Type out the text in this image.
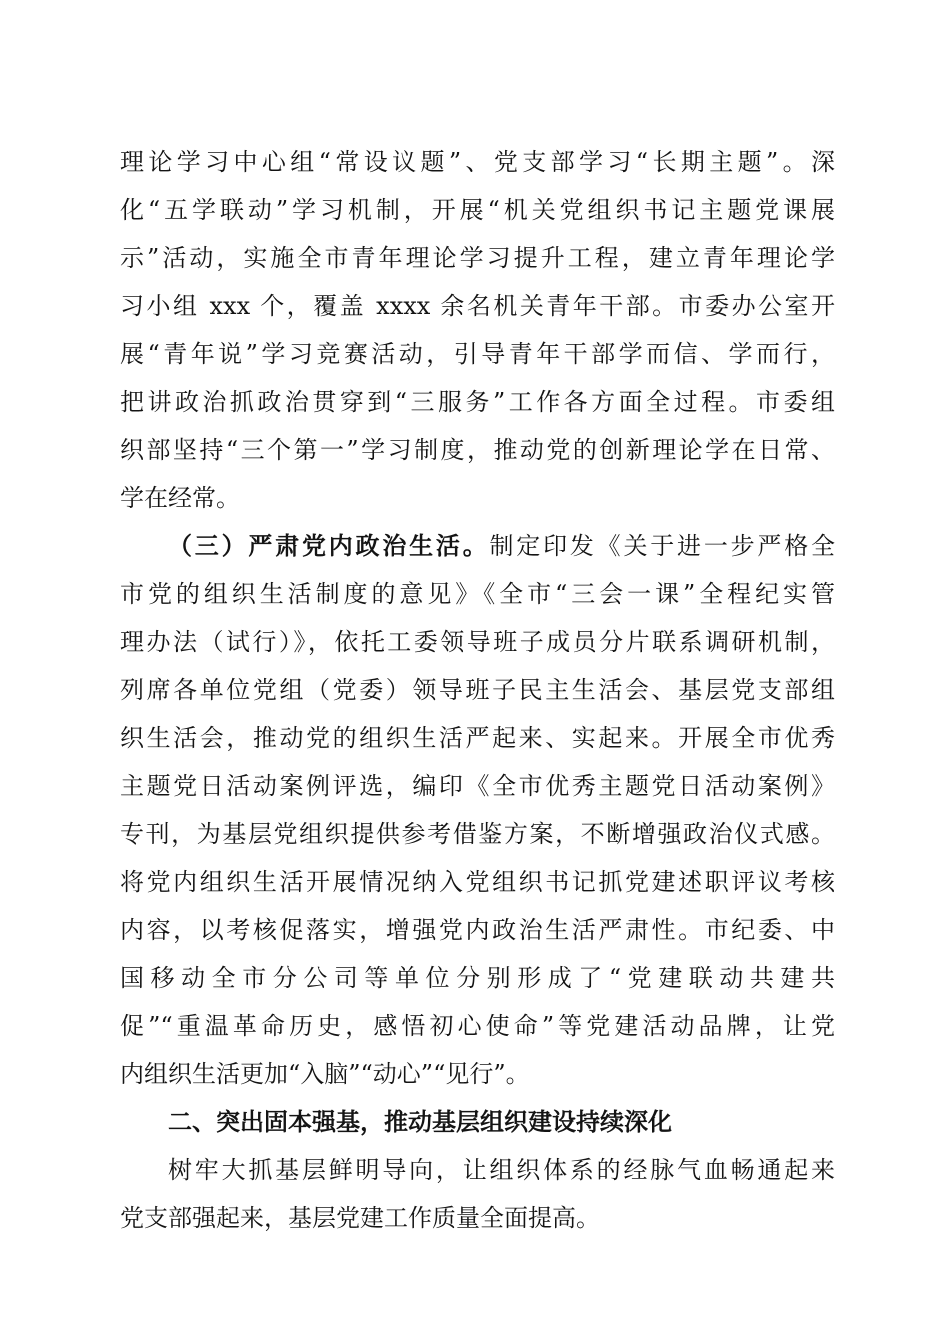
理论学习中心组“常设议题”、党支部学习“长期主题”。深
化“五学联动”学习机制，开展“机关党组织书记主题党课展
示”活动，实施全市青年理论学习提升工程，建立青年理论学
习小组 xxx 个，覆盖 xxxx 余名机关青年干部。市委办公室开
展“青年说”学习竞赛活动，引导青年干部学而信、学而行，
把讲政治抓政治贯穿到“三服务”工作各方面全过程。市委组
织部坚持“三个第一”学习制度，推动党的创新理论学在日常、
学在经常。
（三）严肃党内政治生活。制定印发《关于进一步严格全
市党的组织生活制度的意见》《全市“三会一课”全程纪实管
理办法（试行）》，依托工委领导班子成员分片联系调研机制，
列席各单位党组（党委）领导班子民主生活会、基层党支部组
织生活会，推动党的组织生活严起来、实起来。开展全市优秀
主题党日活动案例评选，编印《全市优秀主题党日活动案例》
专刊，为基层党组织提供参考借鉴方案，不断增强政治仪式感。
将党内组织生活开展情况纳入党组织书记抓党建述职评议考核
内容，以考核促落实，增强党内政治生活严肃性。市纪委、中
国移动全市分公司等单位分别形成了“党建联动共建共
促”“重温革命历史，感悟初心使命”等党建活动品牌，让党
内组织生活更加“入脑”“动心”“见行”。
二、突出固本强基，推动基层组织建设持续深化
树牢大抓基层鲜明导向，让组织体系的经脉气血畅通起来
党支部强起来，基层党建工作质量全面提高。
